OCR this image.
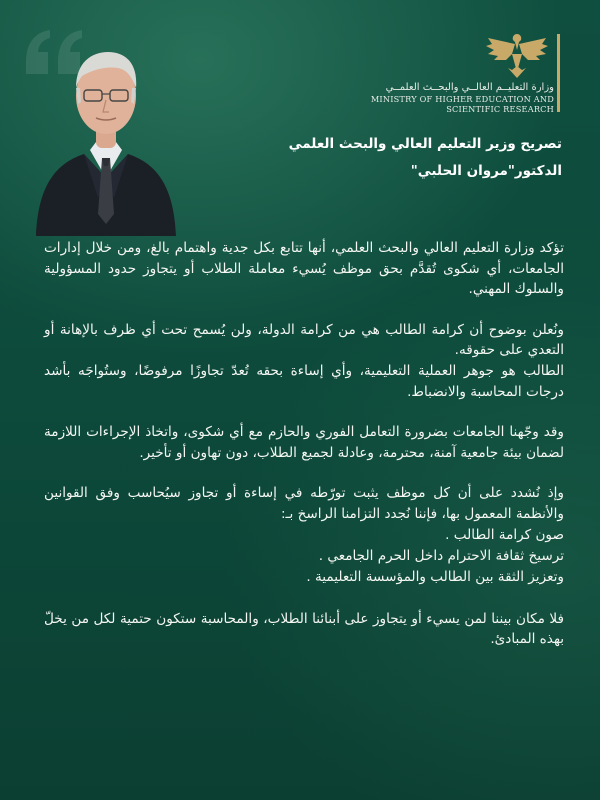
وزارة التعليــم العالــي والبحــث العلمــي
MINISTRY OF HIGHER EDUCATION AND
SCIENTIFIC RESEARCH
تصريح وزير التعليم العالي والبحث العلمي
الدكتور"مروان الحلبي"

تؤكد وزارة التعليم العالي والبحث العلمي، أنها تتابع بكل جدية واهتمام بالغ، ومن خلال إدارات الجامعات، أي شكوى تُقدَّم بحق موظف يُسيء معاملة الطلاب أو يتجاوز حدود المسؤولية والسلوك المهني.

ونُعلن بوضوح أن كرامة الطالب هي من كرامة الدولة، ولن يُسمح تحت أي ظرف بالإهانة أو التعدي على حقوقه.

الطالب هو جوهر العملية التعليمية، وأي إساءة بحقه تُعدّ تجاوزًا مرفوضًا، وستُواجَه بأشد درجات المحاسبة والانضباط.

وقد وجّهنا الجامعات بضرورة التعامل الفوري والحازم مع أي شكوى، واتخاذ الإجراءات اللازمة لضمان بيئة جامعية آمنة، محترمة، وعادلة لجميع الطلاب، دون تهاون أو تأخير.

وإذ نُشدد على أن كل موظف يثبت تورّطه في إساءة أو تجاوز سيُحاسب وفق القوانين والأنظمة المعمول بها، فإننا نُجدد التزامنا الراسخ بـ:

صون كرامة الطالب .
ترسيخ ثقافة الاحترام داخل الحرم الجامعي .
وتعزيز الثقة بين الطالب والمؤسسة التعليمية .

فلا مكان بيننا لمن يسيء أو يتجاوز على أبنائنا الطلاب، والمحاسبة ستكون حتمية لكل من يخلّ بهذه المبادئ.
